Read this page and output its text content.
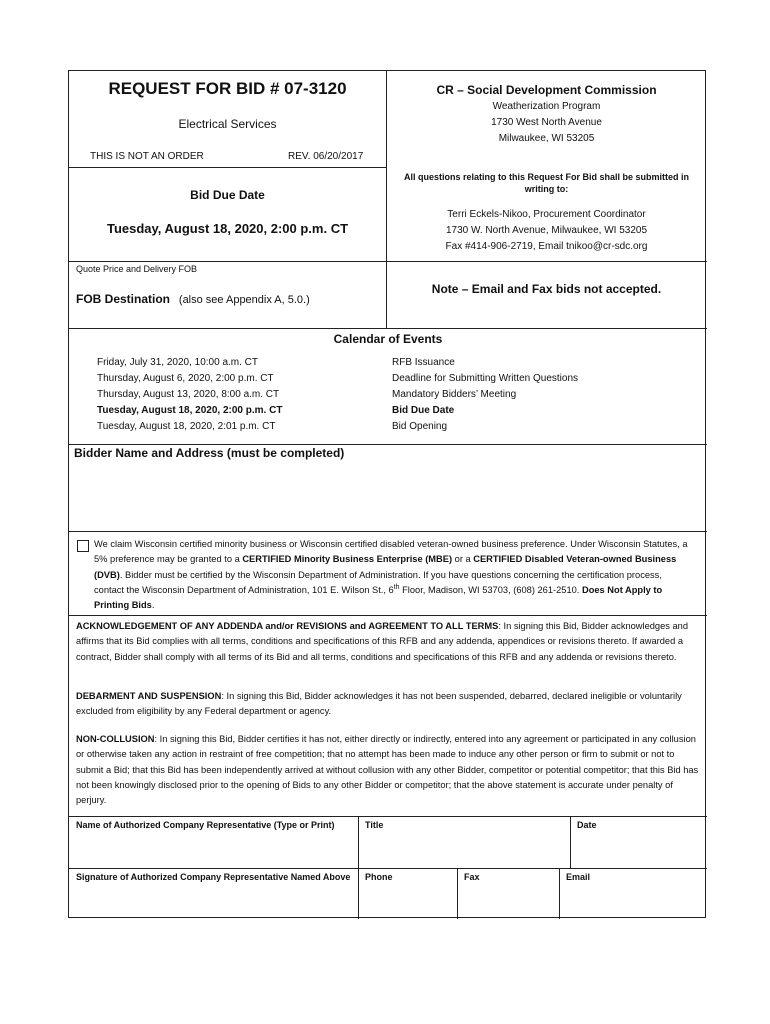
REQUEST FOR BID # 07-3120
Electrical Services
THIS IS NOT AN ORDER	REV. 06/20/2017
CR – Social Development Commission
Weatherization Program
1730 West North Avenue
Milwaukee, WI 53205
Bid Due Date
Tuesday, August 18, 2020, 2:00 p.m. CT
All questions relating to this Request For Bid shall be submitted in writing to:
Terri Eckels-Nikoo, Procurement Coordinator
1730 W. North Avenue, Milwaukee, WI 53205
Fax #414-906-2719, Email tnikoo@cr-sdc.org
Quote Price and Delivery FOB
FOB Destination (also see Appendix A, 5.0.)
Note – Email and Fax bids not accepted.
Calendar of Events
Friday, July 31, 2020, 10:00 a.m. CT	RFB Issuance
Thursday, August 6, 2020, 2:00 p.m. CT	Deadline for Submitting Written Questions
Thursday, August 13, 2020, 8:00 a.m. CT	Mandatory Bidders’ Meeting
Tuesday, August 18, 2020, 2:00 p.m. CT	Bid Due Date
Tuesday, August 18, 2020, 2:01 p.m. CT	Bid Opening
Bidder Name and Address (must be completed)
We claim Wisconsin certified minority business or Wisconsin certified disabled veteran-owned business preference. Under Wisconsin Statutes, a 5% preference may be granted to a CERTIFIED Minority Business Enterprise (MBE) or a CERTIFIED Disabled Veteran-owned Business (DVB). Bidder must be certified by the Wisconsin Department of Administration. If you have questions concerning the certification process, contact the Wisconsin Department of Administration, 101 E. Wilson St., 6th Floor, Madison, WI 53703, (608) 261-2510. Does Not Apply to Printing Bids.
ACKNOWLEDGEMENT OF ANY ADDENDA and/or REVISIONS and AGREEMENT TO ALL TERMS: In signing this Bid, Bidder acknowledges and affirms that its Bid complies with all terms, conditions and specifications of this RFB and any addenda, appendices or revisions thereto. If awarded a contract, Bidder shall comply with all terms of its Bid and all terms, conditions and specifications of this RFB and any addenda or revisions thereto.
DEBARMENT AND SUSPENSION: In signing this Bid, Bidder acknowledges it has not been suspended, debarred, declared ineligible or voluntarily excluded from eligibility by any Federal department or agency.
NON-COLLUSION: In signing this Bid, Bidder certifies it has not, either directly or indirectly, entered into any agreement or participated in any collusion or otherwise taken any action in restraint of free competition; that no attempt has been made to induce any other person or firm to submit or not to submit a Bid; that this Bid has been independently arrived at without collusion with any other Bidder, competitor or potential competitor; that this Bid has not been knowingly disclosed prior to the opening of Bids to any other Bidder or competitor; that the above statement is accurate under penalty of perjury.
Name of Authorized Company Representative (Type or Print)	Title	Date
Signature of Authorized Company Representative Named Above Phone	Fax	Email
